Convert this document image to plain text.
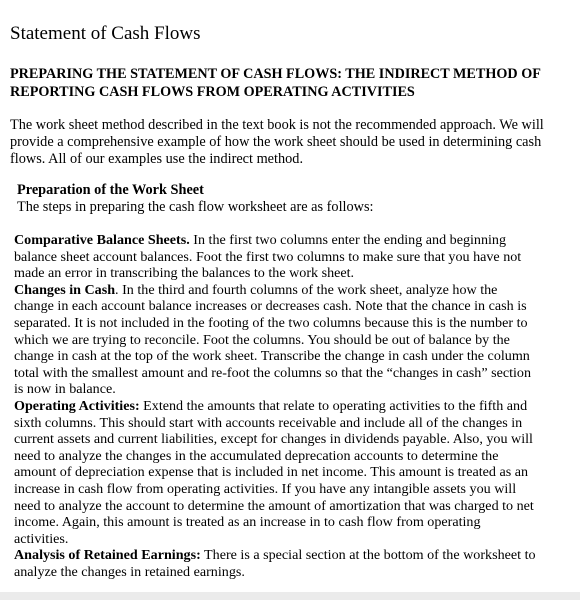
Statement of Cash Flows
PREPARING THE STATEMENT OF CASH FLOWS: THE INDIRECT METHOD OF
REPORTING CASH FLOWS FROM OPERATING ACTIVITIES
The work sheet method described in the text book is not the recommended approach. We will
provide a comprehensive example of how the work sheet should be used in determining cash
flows. All of our examples use the indirect method.
Preparation of the Work Sheet
The steps in preparing the cash flow worksheet are as follows:
Comparative Balance Sheets. In the first two columns enter the ending and beginning
balance sheet account balances. Foot the first two columns to make sure that you have not
made an error in transcribing the balances to the work sheet.
Changes in Cash. In the third and fourth columns of the work sheet, analyze how the
change in each account balance increases or decreases cash. Note that the chance in cash is
separated. It is not included in the footing of the two columns because this is the number to
which we are trying to reconcile. Foot the columns. You should be out of balance by the
change in cash at the top of the work sheet. Transcribe the change in cash under the column
total with the smallest amount and re-foot the columns so that the “changes in cash” section
is now in balance.
Operating Activities: Extend the amounts that relate to operating activities to the fifth and
sixth columns. This should start with accounts receivable and include all of the changes in
current assets and current liabilities, except for changes in dividends payable. Also, you will
need to analyze the changes in the accumulated deprecation accounts to determine the
amount of depreciation expense that is included in net income. This amount is treated as an
increase in cash flow from operating activities. If you have any intangible assets you will
need to analyze the account to determine the amount of amortization that was charged to net
income. Again, this amount is treated as an increase in to cash flow from operating
activities.
Analysis of Retained Earnings: There is a special section at the bottom of the worksheet to
analyze the changes in retained earnings.
